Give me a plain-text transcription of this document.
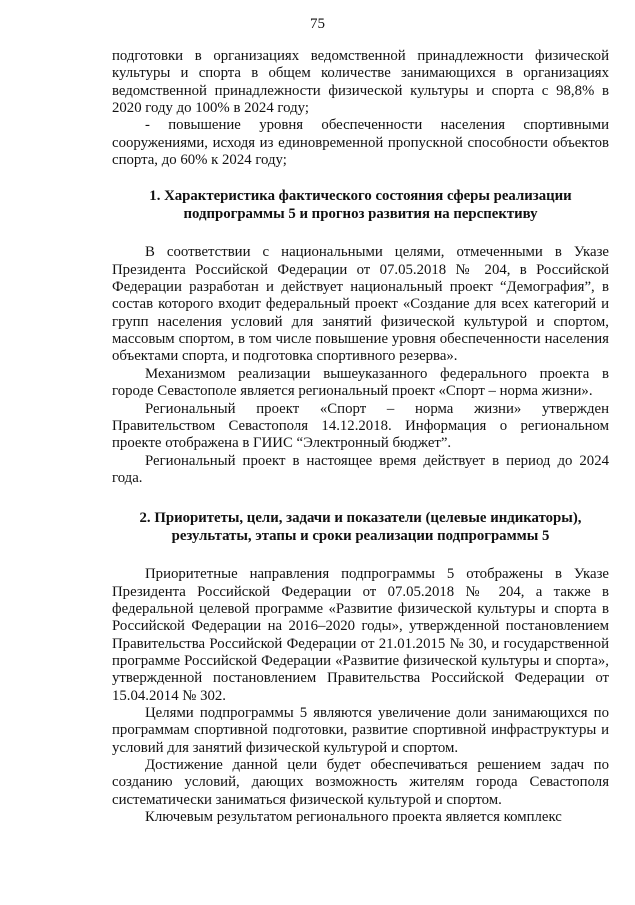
75

подготовки в организациях ведомственной принадлежности физической культуры и спорта в общем количестве занимающихся в организациях ведомственной принадлежности физической культуры и спорта с 98,8% в 2020 году до 100% в 2024 году;

- повышение уровня обеспеченности населения спортивными сооружениями, исходя из единовременной пропускной способности объектов спорта, до 60% к 2024 году;

1. Характеристика фактического состояния сферы реализации подпрограммы 5 и прогноз развития на перспективу

В соответствии с национальными целями, отмеченными в Указе Президента Российской Федерации от 07.05.2018 № 204, в Российской Федерации разработан и действует национальный проект “Демография”, в состав которого входит федеральный проект «Создание для всех категорий и групп населения условий для занятий физической культурой и спортом, массовым спортом, в том числе повышение уровня обеспеченности населения объектами спорта, и подготовка спортивного резерва».

Механизмом реализации вышеуказанного федерального проекта в городе Севастополе является региональный проект «Спорт – норма жизни».

Региональный проект «Спорт – норма жизни» утвержден Правительством Севастополя 14.12.2018. Информация о региональном проекте отображена в ГИИС “Электронный бюджет”.

Региональный проект в настоящее время действует в период до 2024 года.

2. Приоритеты, цели, задачи и показатели (целевые индикаторы), результаты, этапы и сроки реализации подпрограммы 5

Приоритетные направления подпрограммы 5 отображены в Указе Президента Российской Федерации от 07.05.2018 № 204, а также в федеральной целевой программе «Развитие физической культуры и спорта в Российской Федерации на 2016–2020 годы», утвержденной постановлением Правительства Российской Федерации от 21.01.2015 № 30, и государственной программе Российской Федерации «Развитие физической культуры и спорта», утвержденной постановлением Правительства Российской Федерации от 15.04.2014 № 302.

Целями подпрограммы 5 являются увеличение доли занимающихся по программам спортивной подготовки, развитие спортивной инфраструктуры и условий для занятий физической культурой и спортом.

Достижение данной цели будет обеспечиваться решением задач по созданию условий, дающих возможность жителям города Севастополя систематически заниматься физической культурой и спортом.

Ключевым результатом регионального проекта является комплекс
